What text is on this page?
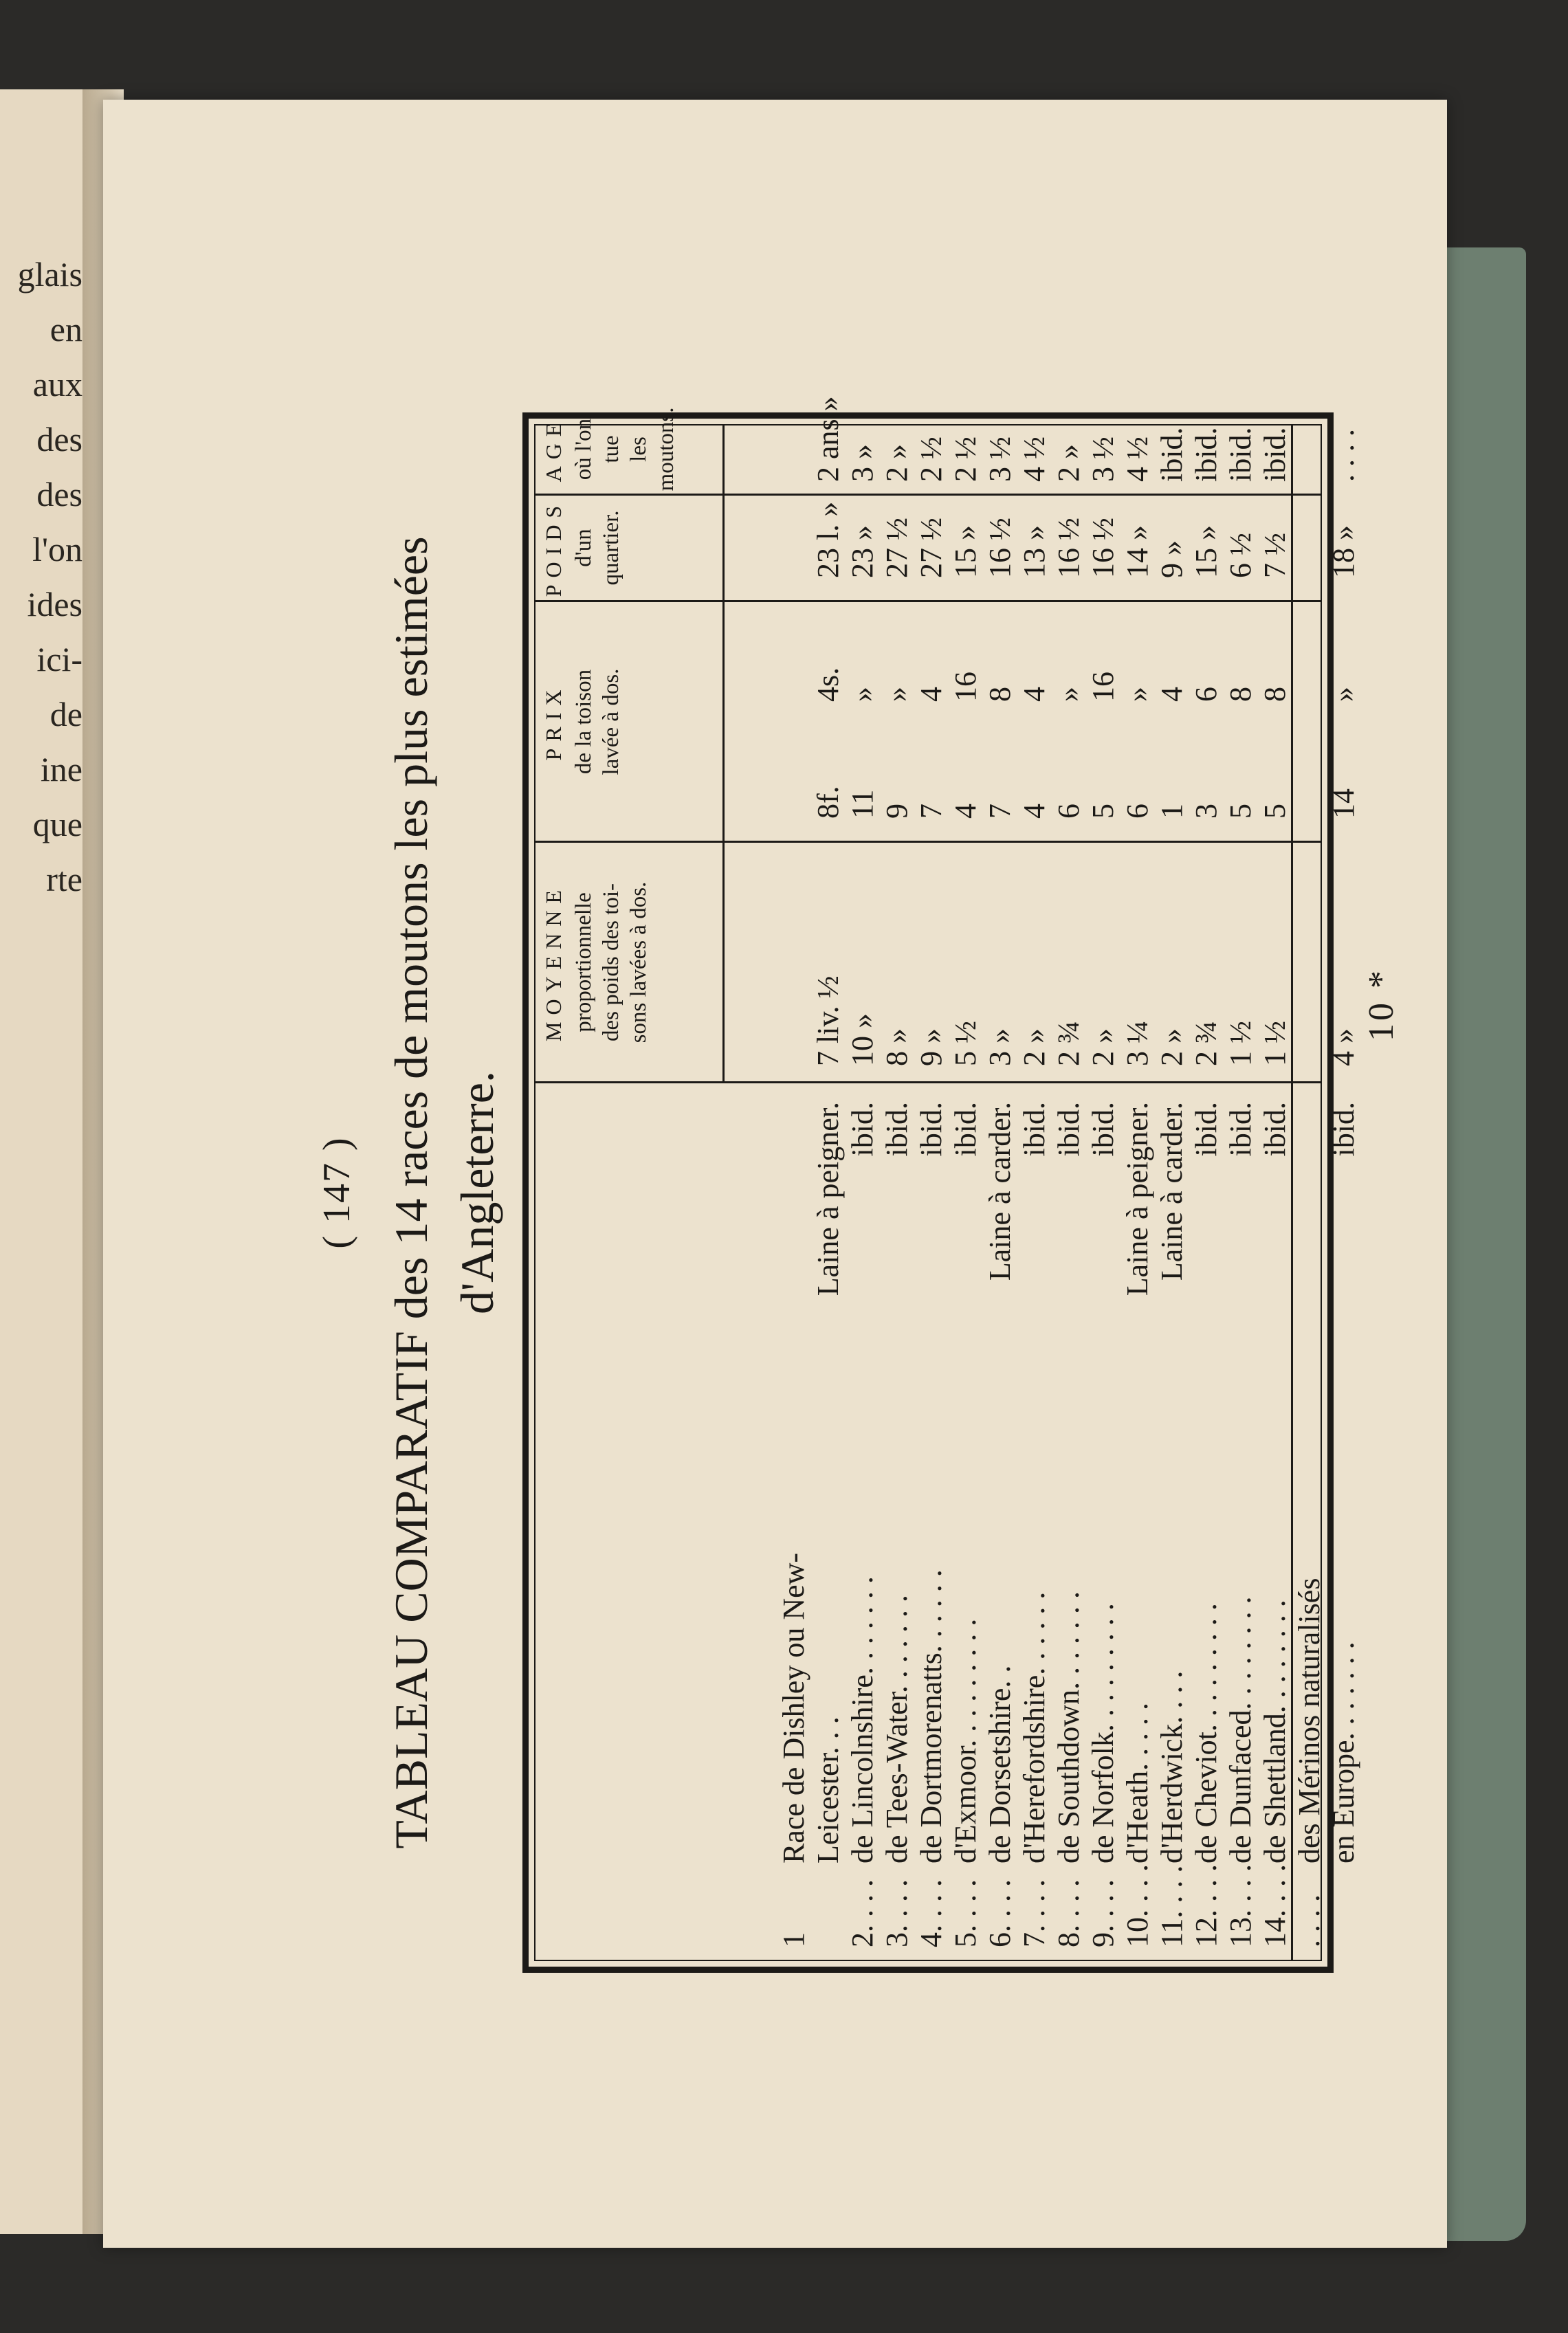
glais
en
aux
des
des
l'on
ides
ici-
de
ine
que
rte
( 147 ) TABLEAU COMPARATIF des 14 races de moutons les plus estimées d'Angleterre.
MOYENNE proportionnelle des poids des toi- sons lavées à dos.
PRIX de la toison lavée à dos.
POIDS d'un quartier.
AGE où l'on tue les moutons.
1
Race de Dishley ou New- Leicester. . .
Laine à peigner.
7 liv. ½
8f.
4s.
23 l. »
2 ans »
2. . . .
de Lincolnshire. . . . . . .
ibid.
10 »
11
»
23 »
3 »
3. . . .
de Tees-Water. . . . . . .
ibid.
8 »
9
»
27 ½
2 »
4. . . .
de Dortmorenatts. . . . . .
ibid.
9 »
7
4
27 ½
2 ½
5. . . .
d'Exmoor. . . . . . . . .
ibid.
5 ½
4
16
15 »
2 ½
6. . . .
de Dorsetshire. .
Laine à carder.
3 »
7
8
16 ½
3 ½
7. . . .
d'Herefordshire. . . . . .
ibid.
2 »
4
4
13 »
4 ½
8. . . .
de Southdown. . . . . . .
ibid.
2 ¾
6
»
16 ½
2 »
9. . . .
de Norfolk. . . . . . . . .
ibid.
2 »
5
16
16 ½
3 ½
10. . . .
d'Heath. . . . .
Laine à peigner.
3 ¼
6
»
14 »
4 ½
11. . . .
d'Herdwick. . . .
Laine à carder.
2 »
1
4
9 »
ibid.
12. . . .
de Cheviot. . . . . . . . .
ibid.
2 ¾
3
6
15 »
ibid.
13. . . .
de Dunfaced. . . . . . . .
ibid.
1 ½
5
8
6 ½
ibid.
14. . . .
de Shettland. . . . . . . .
ibid.
1 ½
5
8
7 ½
ibid.
. . . .
des Mérinos naturalisés en Europe. . . . . . .
ibid.
4 »
14
»
18 »
. . . .
10 *
